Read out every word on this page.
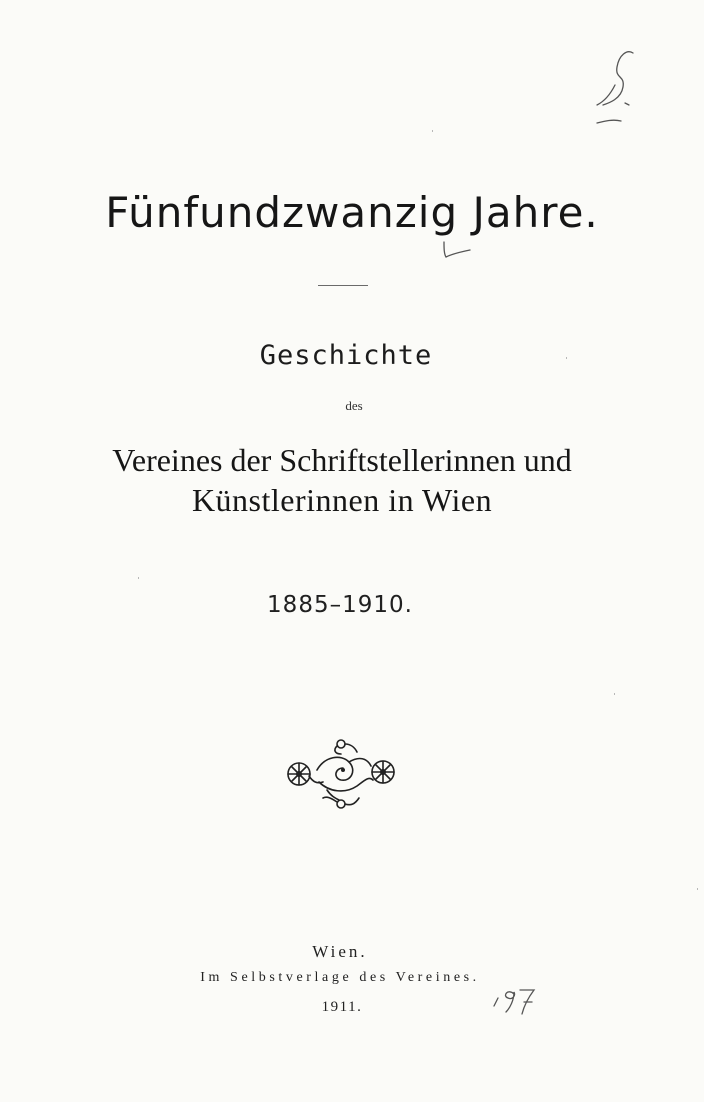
Fünfundzwanzig Jahre.
Geschichte
des
Vereines der Schriftstellerinnen und
Künstlerinnen in Wien
1885–1910.
Wien.
Im Selbstverlage des Vereines.
1911.
